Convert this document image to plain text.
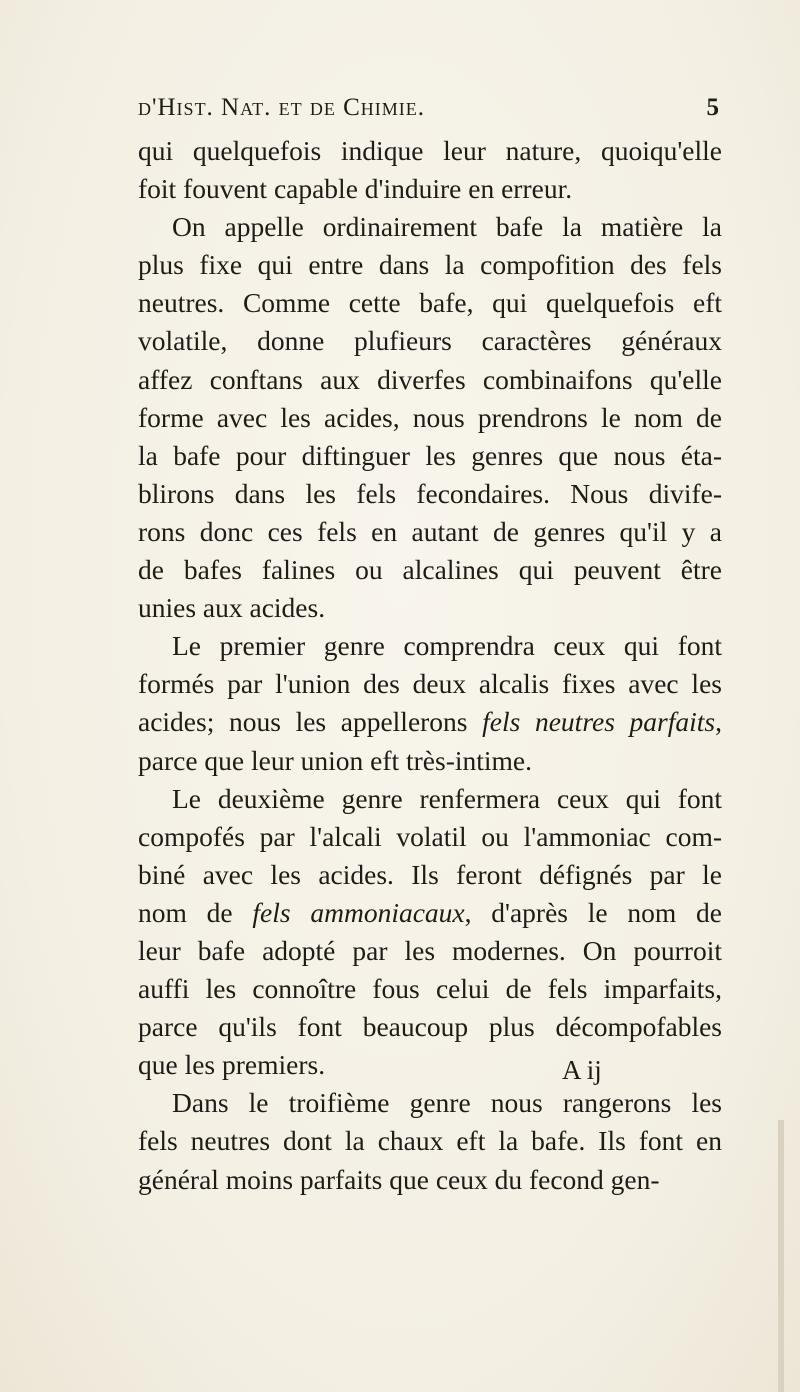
d'Hist. Nat. et de Chimie.	5
qui quelquefois indique leur nature, quoiqu'elle
foit fouvent capable d'induire en erreur.
On appelle ordinairement bafe la matière la
plus fixe qui entre dans la compofition des fels
neutres. Comme cette bafe, qui quelquefois eft
volatile, donne plufieurs caractères généraux
affez conftans aux diverfes combinaifons qu'elle
forme avec les acides, nous prendrons le nom de
la bafe pour diftinguer les genres que nous éta-
blirons dans les fels fecondaires. Nous divife-
rons donc ces fels en autant de genres qu'il y a
de bafes falines ou alcalines qui peuvent être
unies aux acides.
Le premier genre comprendra ceux qui font
formés par l'union des deux alcalis fixes avec les
acides; nous les appellerons fels neutres parfaits,
parce que leur union eft très-intime.
Le deuxième genre renfermera ceux qui font
compofés par l'alcali volatil ou l'ammoniac com-
biné avec les acides. Ils feront défignés par le
nom de fels ammoniacaux, d'après le nom de
leur bafe adopté par les modernes. On pourroit
auffi les connoître fous celui de fels imparfaits,
parce qu'ils font beaucoup plus décompofables
que les premiers.
Dans le troifième genre nous rangerons les
fels neutres dont la chaux eft la bafe. Ils font en
général moins parfaits que ceux du fecond gen-
A ij
